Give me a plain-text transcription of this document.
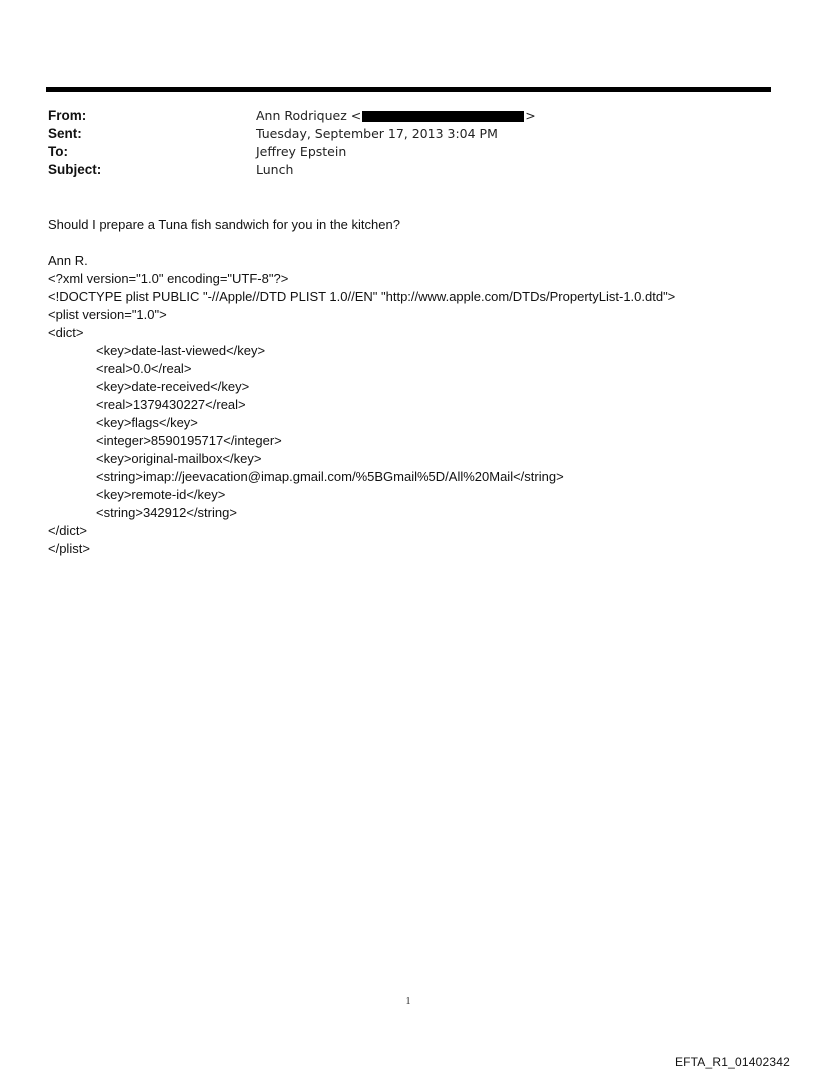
From:	Ann Rodriquez <	>
Sent:	Tuesday, September 17, 2013 3:04 PM
To:	Jeffrey Epstein
Subject:	Lunch

Should I prepare a Tuna fish sandwich for you in the kitchen?

Ann R.

<?xml version="1.0" encoding="UTF-8"?>

<!DOCTYPE plist PUBLIC "-//Apple//DTD PLIST 1.0//EN" "http://www.apple.com/DTDs/PropertyList-1.0.dtd">

<plist version="1.0">

<dict>

<key>date-last-viewed</key>

<real>0.0</real>

<key>date-received</key>

<real>1379430227</real>

<key>flags</key>

<integer>8590195717</integer>

<key>original-mailbox</key>

<string>imap://jeevacation@imap.gmail.com/%5BGmail%5D/All%20Mail</string>

<key>remote-id</key>

<string>342912</string>

</dict>

</plist>

1
EFTA_R1_01402342
